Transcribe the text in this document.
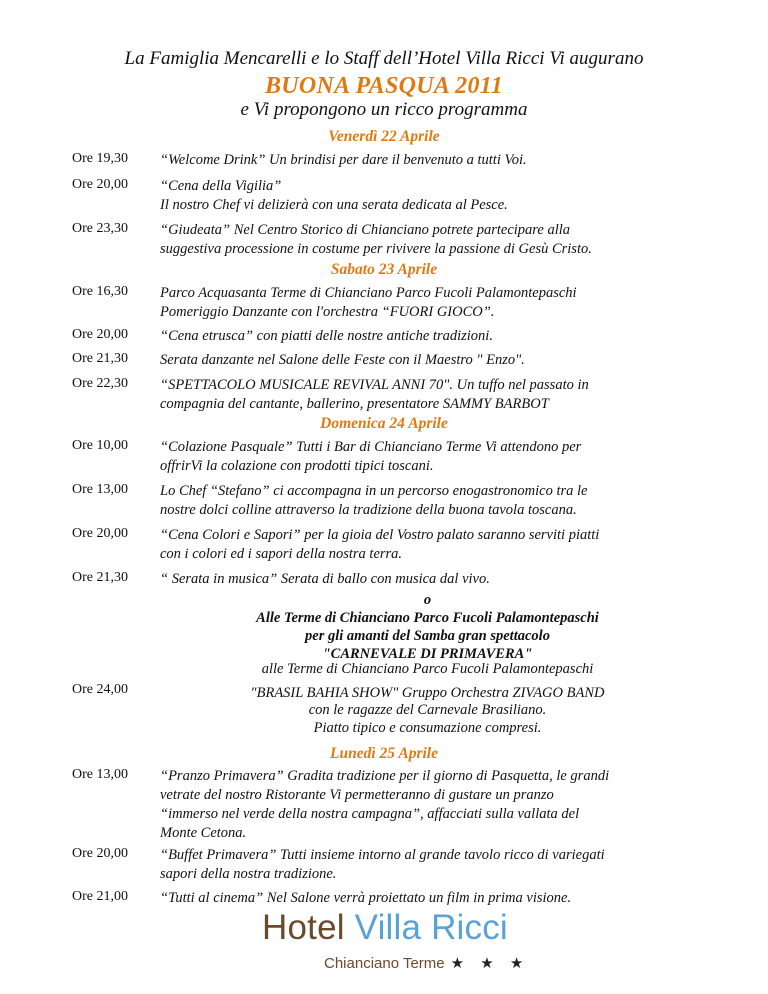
La Famiglia Mencarelli e lo Staff dell’Hotel Villa Ricci Vi augurano
BUONA PASQUA 2011
e Vi propongono un ricco programma
Venerdì 22 Aprile
Ore 19,30 “Welcome Drink” Un brindisi per dare il benvenuto a tutti Voi.
Ore 20,00 “Cena della Vigilia”
Il nostro Chef vi delizierà con una serata dedicata al Pesce.
Ore 23,30 “Giudeata” Nel Centro Storico di Chianciano potrete partecipare alla
suggestiva processione in costume per rivivere la passione di Gesù Cristo.
Sabato 23 Aprile
Ore 16,30 Parco Acquasanta Terme di Chianciano Parco Fucoli Palamontepaschi
Pomeriggio Danzante con l'orchestra “FUORI GIOCO”.
Ore 20,00 “Cena etrusca” con piatti delle nostre antiche tradizioni.
Ore 21,30 Serata danzante nel Salone delle Feste con il Maestro " Enzo".
Ore 22,30 “SPETTACOLO MUSICALE REVIVAL ANNI 70". Un tuffo nel passato in
compagnia del cantante, ballerino, presentatore SAMMY BARBOT
Domenica 24 Aprile
Ore 10,00 “Colazione Pasquale” Tutti i Bar di Chianciano Terme Vi attendono per
offrirVi la colazione con prodotti tipici toscani.
Ore 13,00 Lo Chef “Stefano” ci accompagna in un percorso enogastronomico tra le
nostre dolci colline attraverso la tradizione della buona tavola toscana.
Ore 20,00 “Cena Colori e Sapori” per la gioia del Vostro palato saranno serviti piatti
con i colori ed i sapori della nostra terra.
Ore 21,30 “ Serata in musica” Serata di ballo con musica dal vivo.
o
Alle Terme di Chianciano Parco Fucoli Palamontepaschi
per gli amanti del Samba gran spettacolo
"CARNEVALE DI PRIMAVERA"
Ore 24,00
alle Terme di Chianciano Parco Fucoli Palamontepaschi
"BRASIL BAHIA SHOW" Gruppo Orchestra ZIVAGO BAND
con le ragazze del Carnevale Brasiliano.
Piatto tipico e consumazione compresi.
Lunedì 25 Aprile
Ore 13,00 “Pranzo Primavera” Gradita tradizione per il giorno di Pasquetta, le grandi
vetrate del nostro Ristorante Vi permetteranno di gustare un pranzo
“immerso nel verde della nostra campagna”, affacciati sulla vallata del
Monte Cetona.
Ore 20,00 “Buffet Primavera” Tutti insieme intorno al grande tavolo ricco di variegati
sapori della nostra tradizione.
Ore 21,00 “Tutti al cinema” Nel Salone verrà proiettato un film in prima visione.
Hotel Villa Ricci
Chianciano Terme ★ ★ ★
